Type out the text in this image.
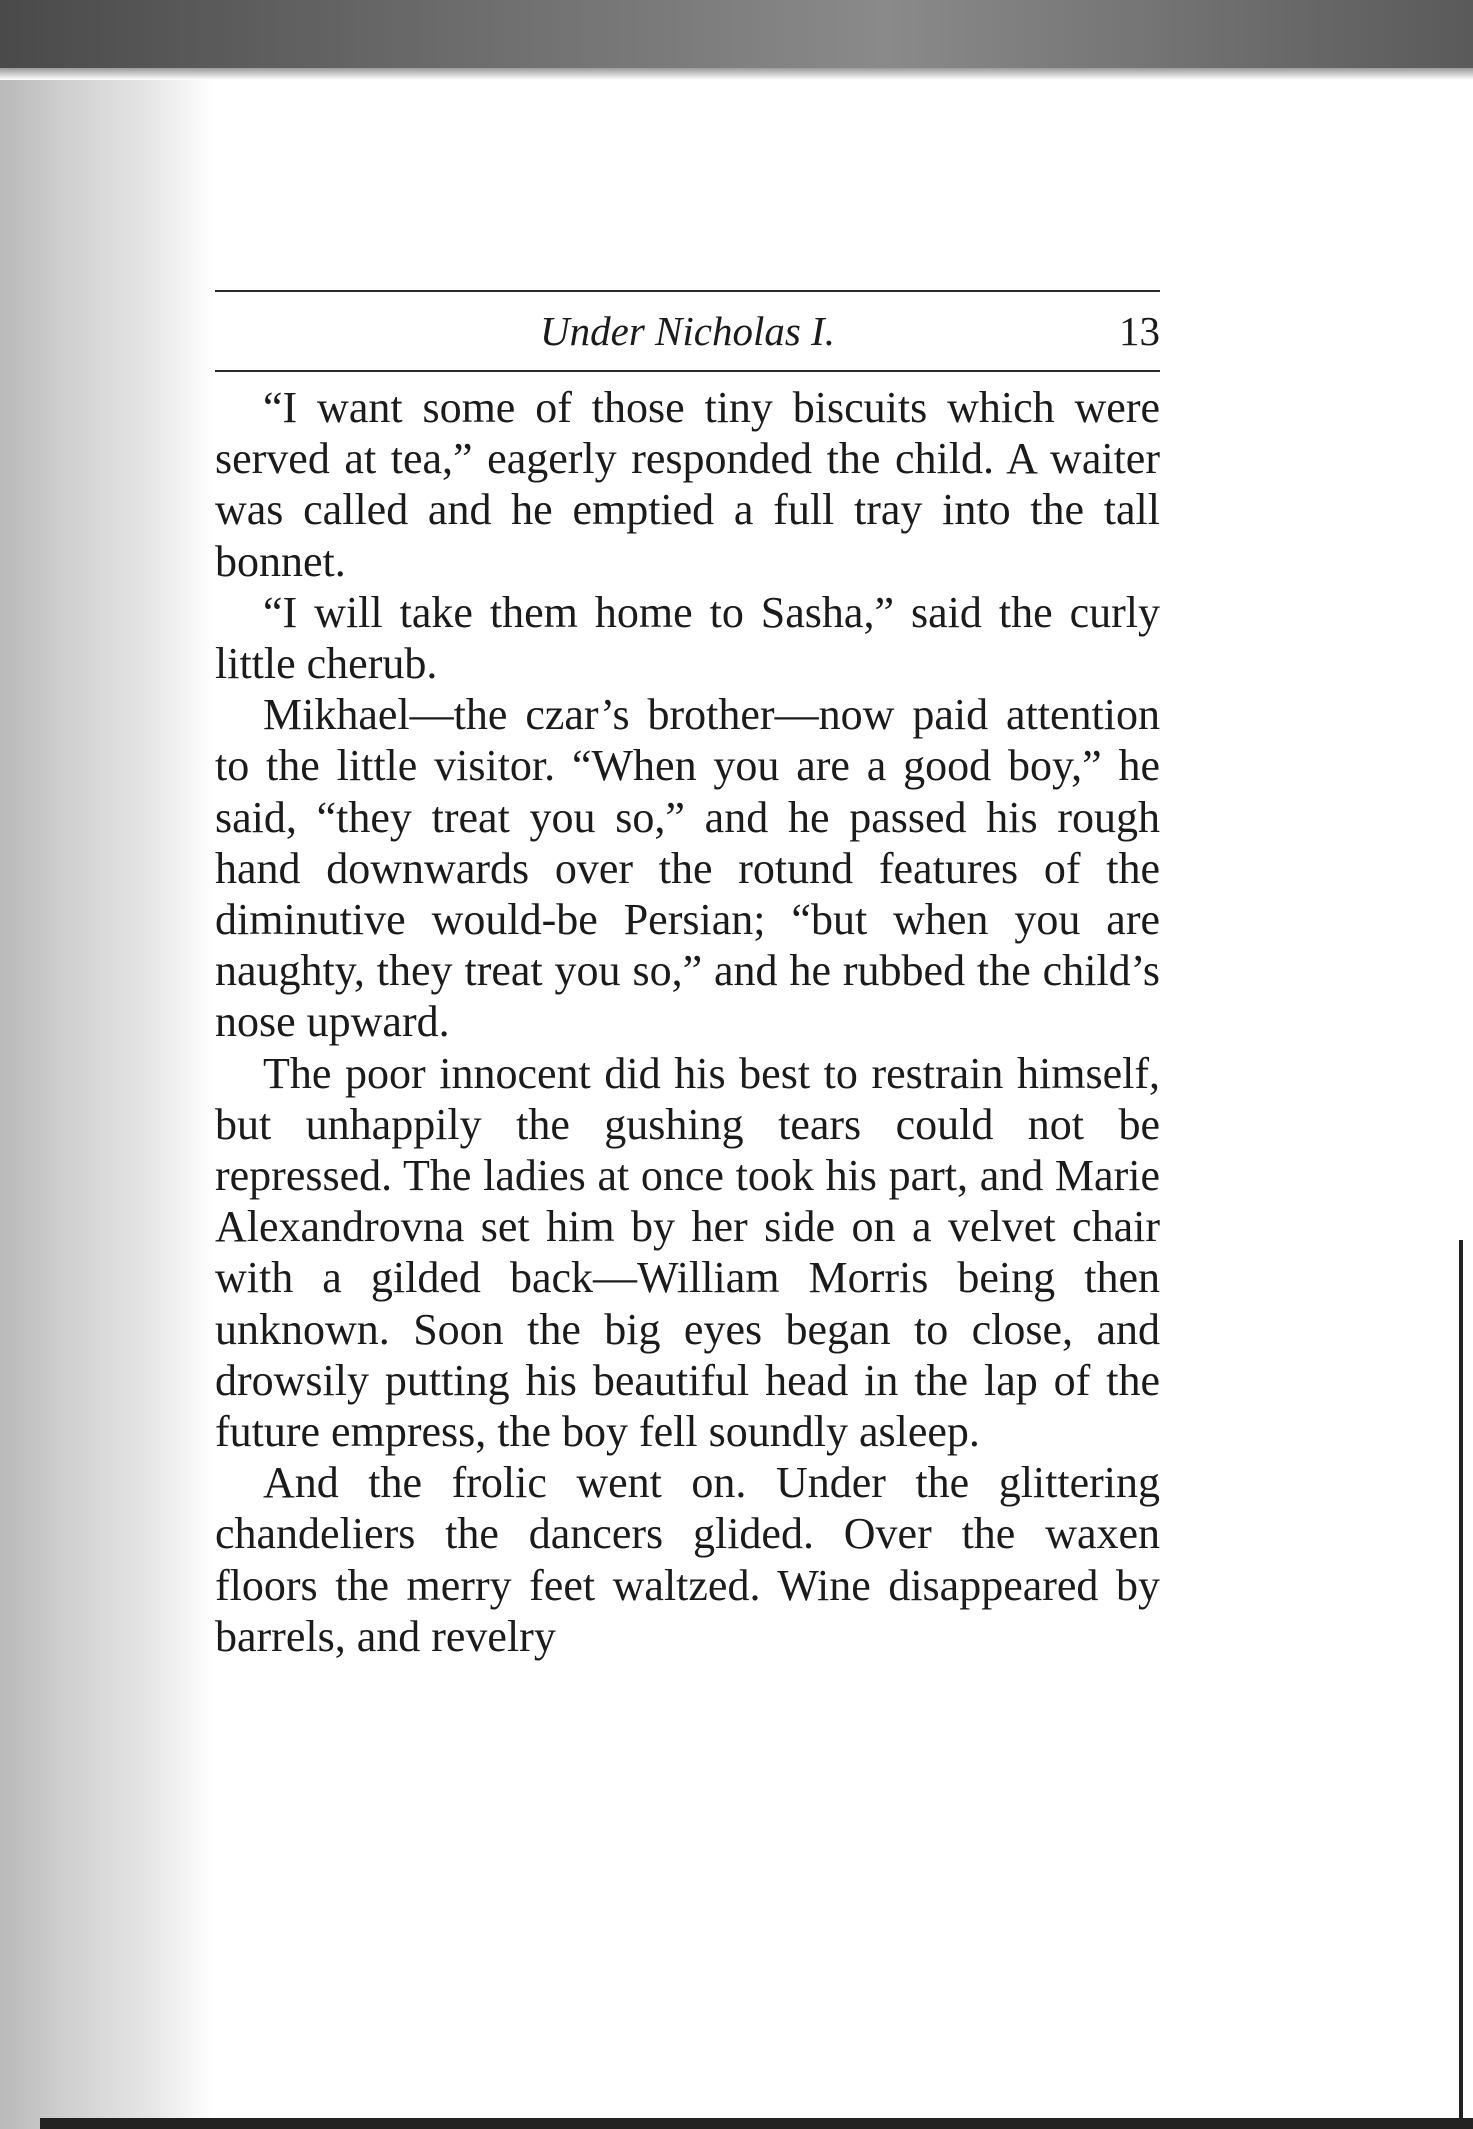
Under Nicholas I.	13

“I want some of those tiny biscuits which were served at tea,” eagerly responded the child. A waiter was called and he emptied a full tray into the tall bonnet.

“I will take them home to Sasha,” said the curly little cherub.

Mikhael—the czar’s brother—now paid attention to the little visitor. “When you are a good boy,” he said, “they treat you so,” and he passed his rough hand downwards over the rotund features of the diminutive would-be Persian; “but when you are naughty, they treat you so,” and he rubbed the child’s nose upward.

The poor innocent did his best to restrain himself, but unhappily the gushing tears could not be repressed. The ladies at once took his part, and Marie Alexandrovna set him by her side on a velvet chair with a gilded back—William Morris being then unknown. Soon the big eyes began to close, and drowsily putting his beautiful head in the lap of the future empress, the boy fell soundly asleep.

And the frolic went on. Under the glittering chandeliers the dancers glided. Over the waxen floors the merry feet waltzed. Wine disappeared by barrels, and revelry
